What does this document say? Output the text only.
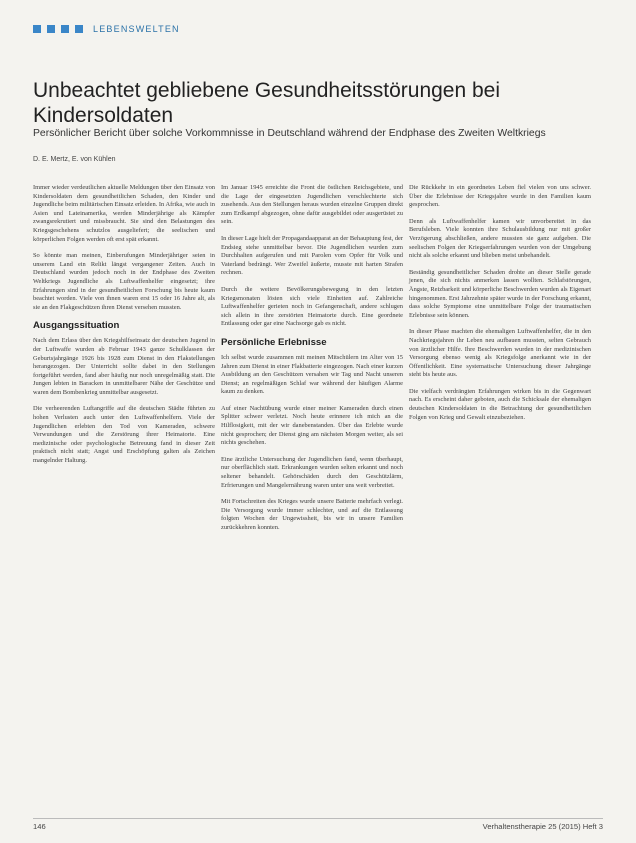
LEBENSWELTEN
Unbeachtet gebliebene Gesundheitsstörungen bei Kindersoldaten

Persönlicher Bericht über solche Vorkommnisse in Deutschland während der Endphase des Zweiten Weltkriegs

D. E. Mertz, E. von Kühlen

Immer wieder verdeutlichen aktuelle Meldungen über den Einsatz von Kindersoldaten dem gesundheitlichen Schaden, den Kinder und Jugendliche beim militärischen Einsatz erleiden. In Afrika, wie auch in Asien und Lateinamerika, werden Minderjährige als Kämpfer zwangsrekrutiert und missbraucht. Sie sind den Belastungen des Kriegsgeschehens schutzlos ausgeliefert; die seelischen und körperlichen Folgen werden oft erst spät erkannt.

So könnte man meinen, Einberufungen Minderjähriger seien in unserem Land ein Relikt längst vergangener Zeiten. Auch in Deutschland wurden jedoch noch in der Endphase des Zweiten Weltkriegs Jugendliche als Luftwaffenhelfer eingesetzt; ihre Erfahrungen sind in der gesundheitlichen Forschung bis heute kaum beachtet worden. Viele von ihnen waren erst 15 oder 16 Jahre alt, als sie an den Flakgeschützen ihren Dienst versehen mussten.

Ausgangssituation

Nach dem Erlass über den Kriegshilfseinsatz der deutschen Jugend in der Luftwaffe wurden ab Februar 1943 ganze Schulklassen der Geburtsjahrgänge 1926 bis 1928 zum Dienst in den Flakstellungen herangezogen. Der Unterricht sollte dabei in den Stellungen fortgeführt werden, fand aber häufig nur noch unregelmäßig statt. Die Jungen lebten in Baracken in unmittelbarer Nähe der Geschütze und waren dem Bombenkrieg unmittelbar ausgesetzt.

Die verheerenden Luftangriffe auf die deutschen Städte führten zu hohen Verlusten auch unter den Luftwaffenhelfern. Viele der Jugendlichen erlebten den Tod von Kameraden, schwere Verwundungen und die Zerstörung ihrer Heimatorte. Eine medizinische oder psychologische Betreuung fand in dieser Zeit praktisch nicht statt; Angst und Erschöpfung galten als Zeichen mangelnder Haltung.

Im Januar 1945 erreichte die Front die östlichen Reichsgebiete, und die Lage der eingesetzten Jugendlichen verschlechterte sich zusehends. Aus den Stellungen heraus wurden einzelne Gruppen direkt zum Erdkampf abgezogen, ohne dafür ausgebildet oder ausgerüstet zu sein.

In dieser Lage hielt der Propagandaapparat an der Behauptung fest, der Endsieg stehe unmittelbar bevor. Die Jugendlichen wurden zum Durchhalten aufgerufen und mit Parolen vom Opfer für Volk und Vaterland bedrängt. Wer Zweifel äußerte, musste mit harten Strafen rechnen.

Durch die weitere Bevölkerungsbewegung in den letzten Kriegsmonaten lösten sich viele Einheiten auf. Zahlreiche Luftwaffenhelfer gerieten noch in Gefangenschaft, andere schlugen sich allein in ihre zerstörten Heimatorte durch. Eine geordnete Entlassung oder gar eine Nachsorge gab es nicht.

Persönliche Erlebnisse

Ich selbst wurde zusammen mit meinen Mitschülern im Alter von 15 Jahren zum Dienst in einer Flakbatterie eingezogen. Nach einer kurzen Ausbildung an den Geschützen versahen wir Tag und Nacht unseren Dienst; an regelmäßigen Schlaf war während der häufigen Alarme kaum zu denken.

Auf einer Nachtübung wurde einer meiner Kameraden durch einen Splitter schwer verletzt. Noch heute erinnere ich mich an die Hilflosigkeit, mit der wir danebenstanden. Über das Erlebte wurde nicht gesprochen; der Dienst ging am nächsten Morgen weiter, als sei nichts geschehen.

Eine ärztliche Untersuchung der Jugendlichen fand, wenn überhaupt, nur oberflächlich statt. Erkrankungen wurden selten erkannt und noch seltener behandelt. Gehörschäden durch den Geschützlärm, Erfrierungen und Mangelernährung waren unter uns weit verbreitet.

Mit Fortschreiten des Krieges wurde unsere Batterie mehrfach verlegt. Die Versorgung wurde immer schlechter, und auf die Entlassung folgten Wochen der Ungewissheit, bis wir in unsere Familien zurückkehren konnten.

Die Rückkehr in ein geordnetes Leben fiel vielen von uns schwer. Über die Erlebnisse der Kriegsjahre wurde in den Familien kaum gesprochen.

Denn als Luftwaffenhelfer kamen wir unvorbereitet in das Berufsleben. Viele konnten ihre Schulausbildung nur mit großer Verzögerung abschließen, andere mussten sie ganz aufgeben. Die seelischen Folgen der Kriegserfahrungen wurden von der Umgebung nicht als solche erkannt und blieben meist unbehandelt.

Beständig gesundheitlicher Schaden drohte an dieser Stelle gerade jenen, die sich nichts anmerken lassen wollten. Schlafstörungen, Ängste, Reizbarkeit und körperliche Beschwerden wurden als Eigenart hingenommen. Erst Jahrzehnte später wurde in der Forschung erkannt, dass solche Symptome eine unmittelbare Folge der traumatischen Erlebnisse sein können.

In dieser Phase machten die ehemaligen Luftwaffenhelfer, die in den Nachkriegsjahren ihr Leben neu aufbauen mussten, selten Gebrauch von ärztlicher Hilfe. Ihre Beschwerden wurden in der medizinischen Versorgung ebenso wenig als Kriegsfolge anerkannt wie in der Öffentlichkeit. Eine systematische Untersuchung dieser Jahrgänge steht bis heute aus.

Die vielfach verdrängten Erfahrungen wirken bis in die Gegenwart nach. Es erscheint daher geboten, auch die Schicksale der ehemaligen deutschen Kindersoldaten in die Betrachtung der gesundheitlichen Folgen von Krieg und Gewalt einzubeziehen.

146	Verhaltenstherapie 25 (2015) Heft 3
